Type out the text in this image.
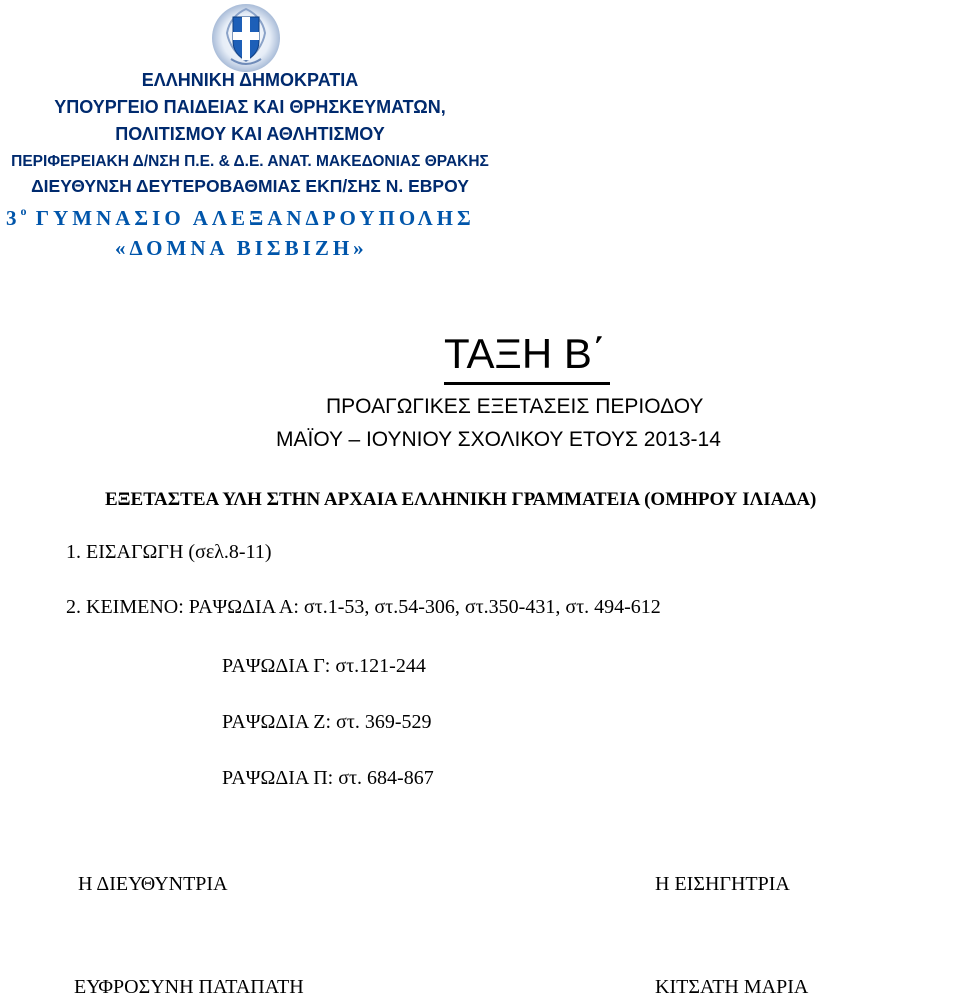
ΕΛΛΗΝΙΚΗ ΔΗΜΟΚΡΑΤΙΑ
ΥΠΟΥΡΓΕΙΟ ΠΑΙΔΕΙΑΣ ΚΑΙ ΘΡΗΣΚΕΥΜΑΤΩΝ,
ΠΟΛΙΤΙΣΜΟΥ ΚΑΙ ΑΘΛΗΤΙΣΜΟΥ
ΠΕΡΙΦΕΡΕΙΑΚΗ Δ/ΝΣΗ Π.Ε. & Δ.Ε. ΑΝΑΤ. ΜΑΚΕΔΟΝΙΑΣ ΘΡΑΚΗΣ
ΔΙΕΥΘΥΝΣΗ ΔΕΥΤΕΡΟΒΑΘΜΙΑΣ ΕΚΠ/ΣΗΣ Ν. ΕΒΡΟΥ
$3^o$ ΓΥΜΝΑΣΙΟ ΑΛΕΞΑΝΔΡΟΥΠΟΛΗΣ
«ΔΟΜΝΑ ΒΙΣΒΙΖΗ»
ΤΑΞΗ Β΄
ΠΡΟΑΓΩΓΙΚΕΣ ΕΞΕΤΑΣΕΙΣ ΠΕΡΙΟΔΟΥ
ΜΑΪΟΥ – ΙΟΥΝΙΟΥ ΣΧΟΛΙΚΟΥ ΕΤΟΥΣ 2013-14
ΕΞΕΤΑΣΤΕΑ ΥΛΗ ΣΤΗΝ ΑΡΧΑΙΑ ΕΛΛΗΝΙΚΗ ΓΡΑΜΜΑΤΕΙΑ (ΟΜΗΡΟΥ ΙΛΙΑΔΑ)
1. ΕΙΣΑΓΩΓΗ (σελ.8-11)
2. ΚΕΙΜΕΝΟ: ΡΑΨΩΔΙΑ Α: στ.1-53, στ.54-306, στ.350-431, στ. 494-612
ΡΑΨΩΔΙΑ Γ: στ.121-244
ΡΑΨΩΔΙΑ Ζ: στ. 369-529
ΡΑΨΩΔΙΑ Π: στ. 684-867
Η ΔΙΕΥΘΥΝΤΡΙΑ	Η ΕΙΣΗΓΗΤΡΙΑ
ΕΥΦΡΟΣΥΝΗ ΠΑΤΑΠΑΤΗ	ΚΙΤΣΑΤΗ ΜΑΡΙΑ
